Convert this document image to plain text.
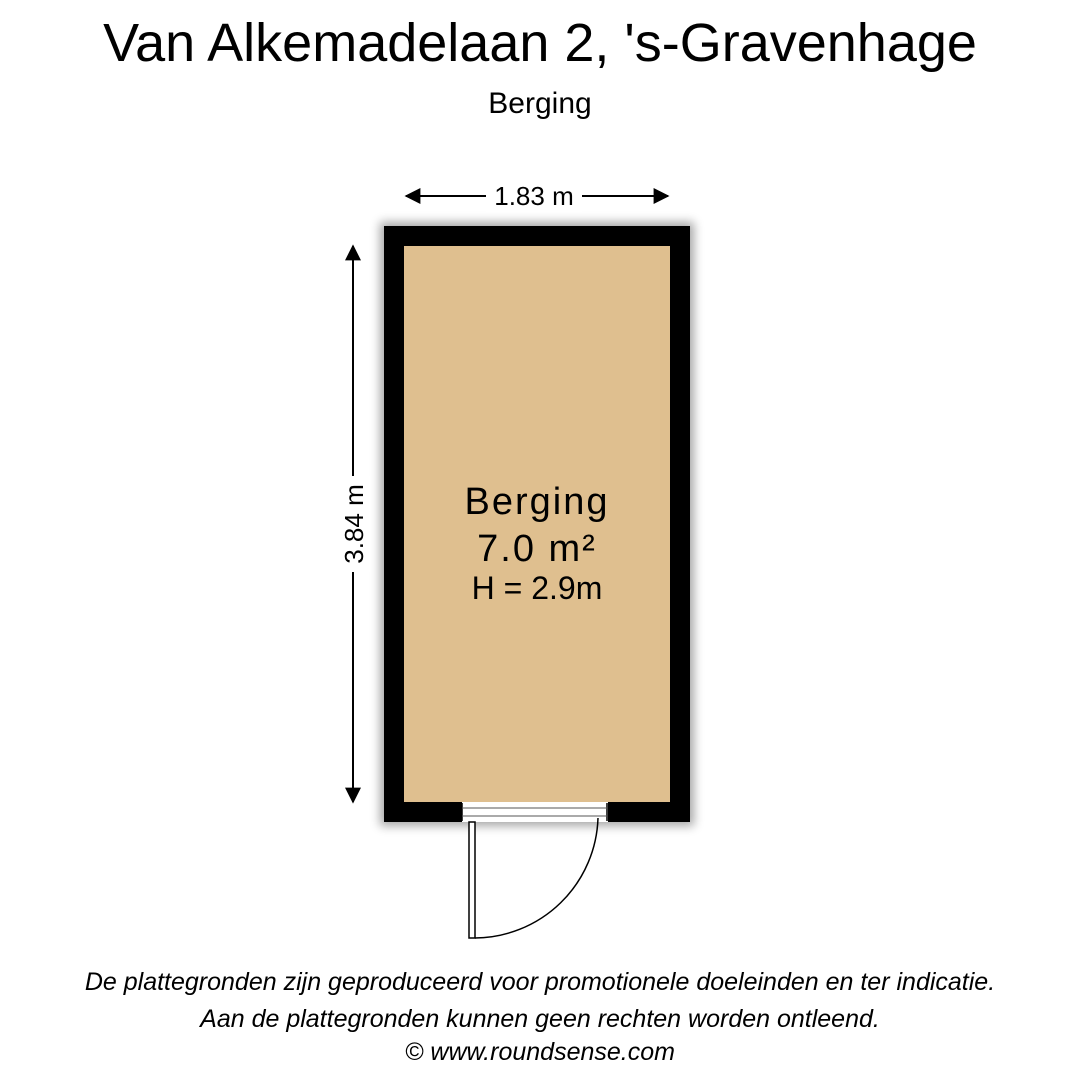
Van Alkemadelaan 2, 's-Gravenhage
Berging
1.83 m
3.84 m	Berging
7.0 m²
H = 2.9m
De plattegronden zijn geproduceerd voor promotionele doeleinden en ter indicatie.
Aan de plattegronden kunnen geen rechten worden ontleend.
© www.roundsense.com
